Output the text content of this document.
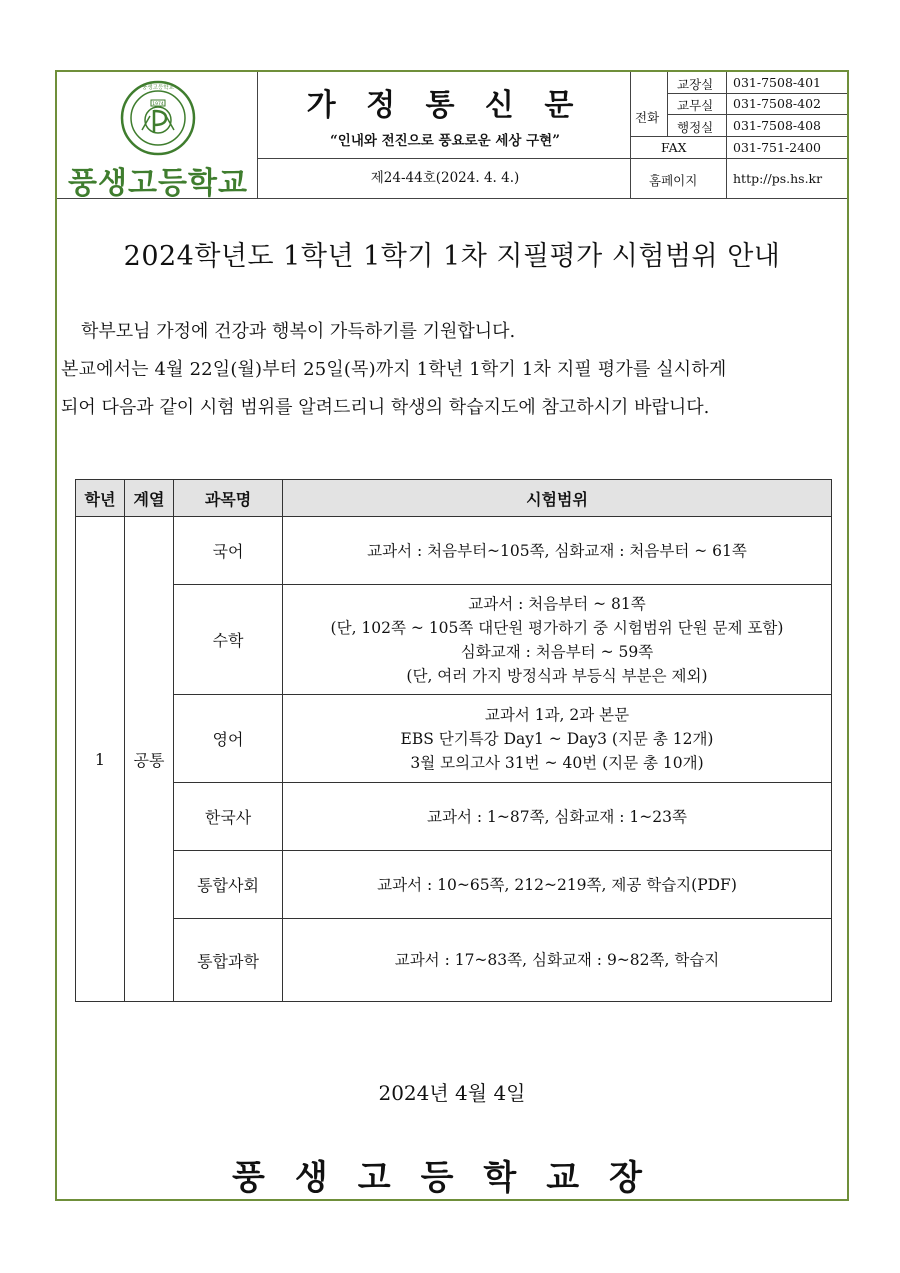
1974
풍생고등학교
풍생고등학교
가 정 통 신 문
“인내와 전진으로 풍요로운 세상 구현”
제24-44호(2024. 4. 4.)
전화
교장실 031-7508-401
교무실 031-7508-402
행정실 031-7508-408
FAX	031-751-2400
홈페이지	http://ps.hs.kr
2024학년도 1학년 1학기 1차 지필평가 시험범위 안내
학부모님 가정에 건강과 행복이 가득하기를 기원합니다.
본교에서는 4월 22일(월)부터 25일(목)까지 1학년 1학기 1차 지필 평가를 실시하게
되어 다음과 같이 시험 범위를 알려드리니 학생의 학습지도에 참고하시기 바랍니다.
학년	계열	과목명	시험범위
1	공통	국어	교과서 : 처음부터~105쪽, 심화교재 : 처음부터 ~ 61쪽

		수학	교과서 : 처음부터 ~ 81쪽
(단, 102쪽 ~ 105쪽 대단원 평가하기 중 시험범위 단원 문제 포함)
심화교재 : 처음부터 ~ 59쪽
(단, 여러 가지 방정식과 부등식 부분은 제외)

		영어	교과서 1과, 2과 본문
EBS 단기특강 Day1 ~ Day3 (지문 총 12개)
3월 모의고사 31번 ~ 40번 (지문 총 10개)

		한국사	교과서 : 1~87쪽, 심화교재 : 1~23쪽

		통합사회	교과서 : 10~65쪽, 212~219쪽, 제공 학습지(PDF)

		통합과학	교과서 : 17~83쪽, 심화교재 : 9~82쪽, 학습지
2024년 4월 4일
풍생고등학교장
